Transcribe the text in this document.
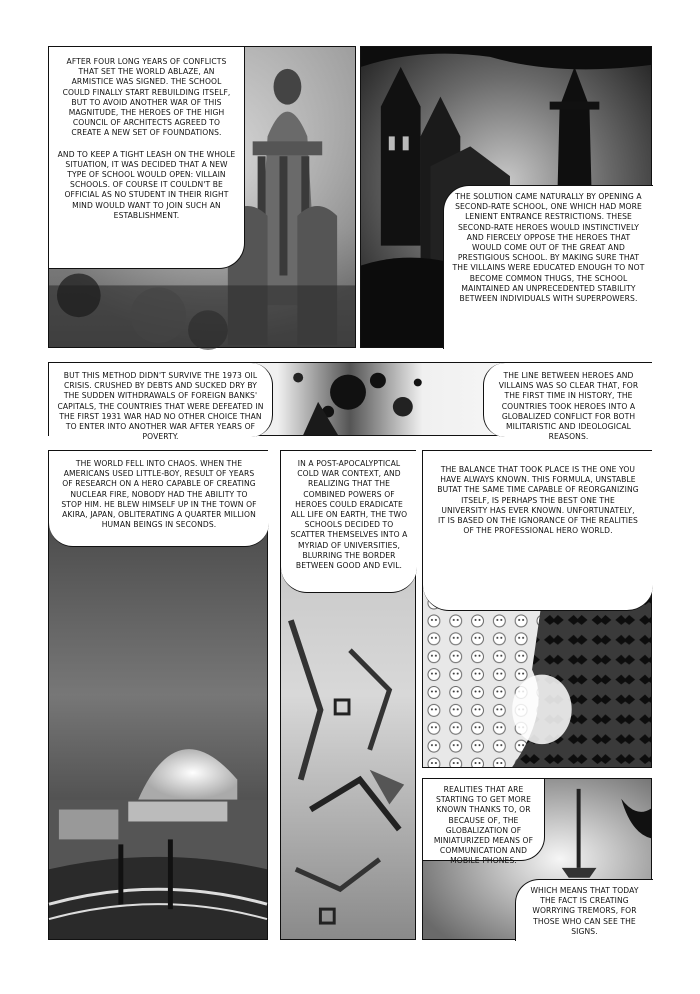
AFTER FOUR LONG YEARS OF CONFLICTS THAT SET THE WORLD ABLAZE, AN ARMISTICE WAS SIGNED. THE SCHOOL COULD FINALLY START REBUILDING ITSELF, BUT TO AVOID ANOTHER WAR OF THIS MAGNITUDE, THE HEROES OF THE HIGH COUNCIL OF ARCHITECTS AGREED TO CREATE A NEW SET OF FOUNDATIONS.

AND TO KEEP A TIGHT LEASH ON THE WHOLE SITUATION, IT WAS DECIDED THAT A NEW TYPE OF SCHOOL WOULD OPEN: VILLAIN SCHOOLS. OF COURSE IT COULDN'T BE OFFICIAL AS NO STUDENT IN THEIR RIGHT MIND WOULD WANT TO JOIN SUCH AN ESTABLISHMENT.

THE SOLUTION CAME NATURALLY BY OPENING A SECOND-RATE SCHOOL, ONE WHICH HAD MORE LENIENT ENTRANCE RESTRICTIONS. THESE SECOND-RATE HEROES WOULD INSTINCTIVELY AND FIERCELY OPPOSE THE HEROES THAT WOULD COME OUT OF THE GREAT AND PRESTIGIOUS SCHOOL. BY MAKING SURE THAT THE VILLAINS WERE EDUCATED ENOUGH TO NOT BECOME COMMON THUGS, THE SCHOOL MAINTAINED AN UNPRECEDENTED STABILITY BETWEEN INDIVIDUALS WITH SUPERPOWERS.

BUT THIS METHOD DIDN'T SURVIVE THE 1973 OIL CRISIS. CRUSHED BY DEBTS AND SUCKED DRY BY THE SUDDEN WITHDRAWALS OF FOREIGN BANKS' CAPITALS, THE COUNTRIES THAT WERE DEFEATED IN THE FIRST 1931 WAR HAD NO OTHER CHOICE THAN TO ENTER INTO ANOTHER WAR AFTER YEARS OF POVERTY.

THE LINE BETWEEN HEROES AND VILLAINS WAS SO CLEAR THAT, FOR THE FIRST TIME IN HISTORY, THE COUNTRIES TOOK HEROES INTO A GLOBALIZED CONFLICT FOR BOTH MILITARISTIC AND IDEOLOGICAL REASONS.

THE WORLD FELL INTO CHAOS. WHEN THE AMERICANS USED LITTLE-BOY, RESULT OF YEARS OF RESEARCH ON A HERO CAPABLE OF CREATING NUCLEAR FIRE, NOBODY HAD THE ABILITY TO STOP HIM. HE BLEW HIMSELF UP IN THE TOWN OF AKIRA, JAPAN, OBLITERATING A QUARTER MILLION HUMAN BEINGS IN SECONDS.

IN A POST-APOCALYPTICAL COLD WAR CONTEXT, AND REALIZING THAT THE COMBINED POWERS OF HEROES COULD ERADICATE ALL LIFE ON EARTH, THE TWO SCHOOLS DECIDED TO SCATTER THEMSELVES INTO A MYRIAD OF UNIVERSITIES, BLURRING THE BORDER BETWEEN GOOD AND EVIL.

THE BALANCE THAT TOOK PLACE IS THE ONE YOU HAVE ALWAYS KNOWN. THIS FORMULA, UNSTABLE BUTAT THE SAME TIME CAPABLE OF REORGANIZING ITSELF, IS PERHAPS THE BEST ONE THE UNIVERSITY HAS EVER KNOWN. UNFORTUNATELY, IT IS BASED ON THE IGNORANCE OF THE REALITIES OF THE PROFESSIONAL HERO WORLD.

REALITIES THAT ARE STARTING TO GET MORE KNOWN THANKS TO, OR BECAUSE OF, THE GLOBALIZATION OF MINIATURIZED MEANS OF COMMUNICATION AND MOBILE PHONES.

WHICH MEANS THAT TODAY THE FACT IS CREATING WORRYING TREMORS, FOR THOSE WHO CAN SEE THE SIGNS.
